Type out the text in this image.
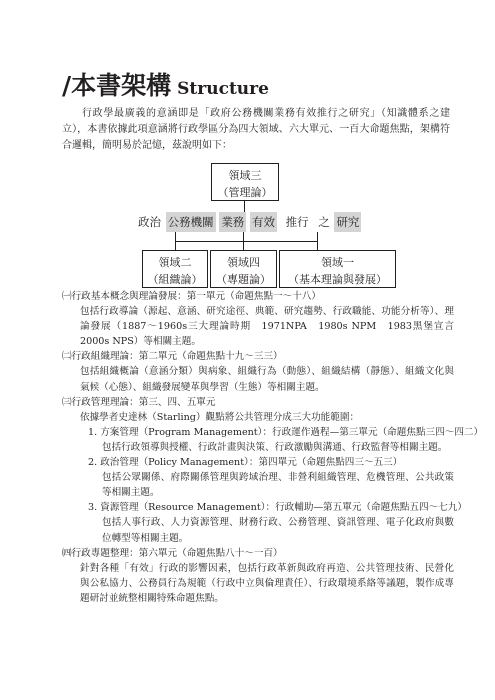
/本書架構 Structure

行政學最廣義的意涵即是「政府公務機關業務有效推行之研究」（知識體系之建立），本書依據此項意涵將行政學區分為四大領域、六大單元、一百大命題焦點，架構符合邏輯，簡明易於記憶，茲說明如下：

領域三
（管理論）
政治 公務機關 業務 有效 推行 之 研究
領域二
（組織論）
領域四
（專題論）
領域一
（基本理論與發展）

㈠行政基本概念與理論發展：第一單元（命題焦點一～十八）

包括行政導論（源起、意涵、研究途徑、典範、研究趨勢、行政職能、功能分析等）、理論發展（1887～1960s三大理論時期　1971NPA　1980s NPM　1983黑堡宣言　2000s NPS）等相關主題。

㈡行政組織理論：第二單元（命題焦點十九～三三）

包括組織概論（意涵分類）與病象、組織行為（動態）、組織結構（靜態）、組織文化與氣候（心態）、組織發展變革與學習（生態）等相關主題。

㈢行政管理理論：第三、四、五單元

依據學者史達林（Starling）觀點將公共管理分成三大功能範圍：

1. 方案管理（Program Management）：行政運作過程—第三單元（命題焦點三四～四二）

包括行政領導與授權、行政計畫與決策、行政激勵與溝通、行政監督等相關主題。

2. 政治管理（Policy Management）：第四單元（命題焦點四三～五三）

包括公眾關係、府際關係管理與跨域治理、非營利組織管理、危機管理、公共政策等相關主題。

3. 資源管理（Resource Management）：行政輔助—第五單元（命題焦點五四～七九）

包括人事行政、人力資源管理、財務行政、公務管理、資訊管理、電子化政府與數位轉型等相關主題。

㈣行政專題整理：第六單元（命題焦點八十～一百）

針對各種「有效」行政的影響因素，包括行政革新與政府再造、公共管理技術、民營化與公私協力、公務員行為規範（行政中立與倫理責任）、行政環境系絡等議題，製作成專題研討並統整相關特殊命題焦點。
